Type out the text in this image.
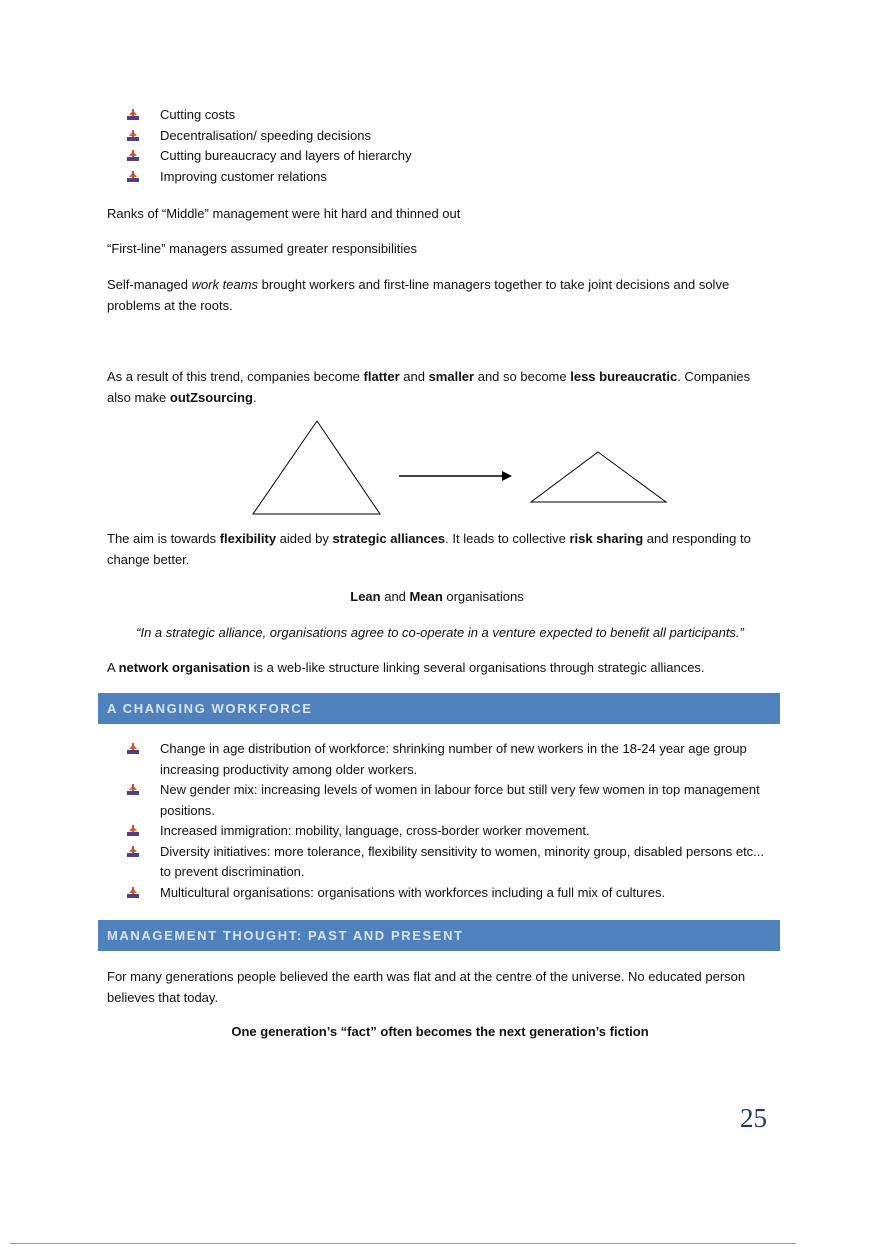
Cutting costs
Decentralisation/ speeding decisions
Cutting bureaucracy and layers of hierarchy
Improving customer relations

Ranks of “Middle” management were hit hard and thinned out

“First-line” managers assumed greater responsibilities

Self-managed work teams brought workers and first-line managers together to take joint decisions and solve problems at the roots.

As a result of this trend, companies become flatter and smaller and so become less bureaucratic. Companies also make outZsourcing.

The aim is towards flexibility aided by strategic alliances. It leads to collective risk sharing and responding to change better.

Lean and Mean organisations

“In a strategic alliance, organisations agree to co-operate in a venture expected to benefit all participants.”

A network organisation is a web-like structure linking several organisations through strategic alliances.

A CHANGING WORKFORCE
Change in age distribution of workforce: shrinking number of new workers in the 18-24 year age group increasing productivity among older workers.
New gender mix: increasing levels of women in labour force but still very few women in top management positions.
Increased immigration: mobility, language, cross-border worker movement.
Diversity initiatives: more tolerance, flexibility sensitivity to women, minority group, disabled persons etc... to prevent discrimination.
Multicultural organisations: organisations with workforces including a full mix of cultures.
MANAGEMENT THOUGHT: PAST AND PRESENT

For many generations people believed the earth was flat and at the centre of the universe. No educated person believes that today.

One generation’s “fact” often becomes the next generation’s fiction

25
